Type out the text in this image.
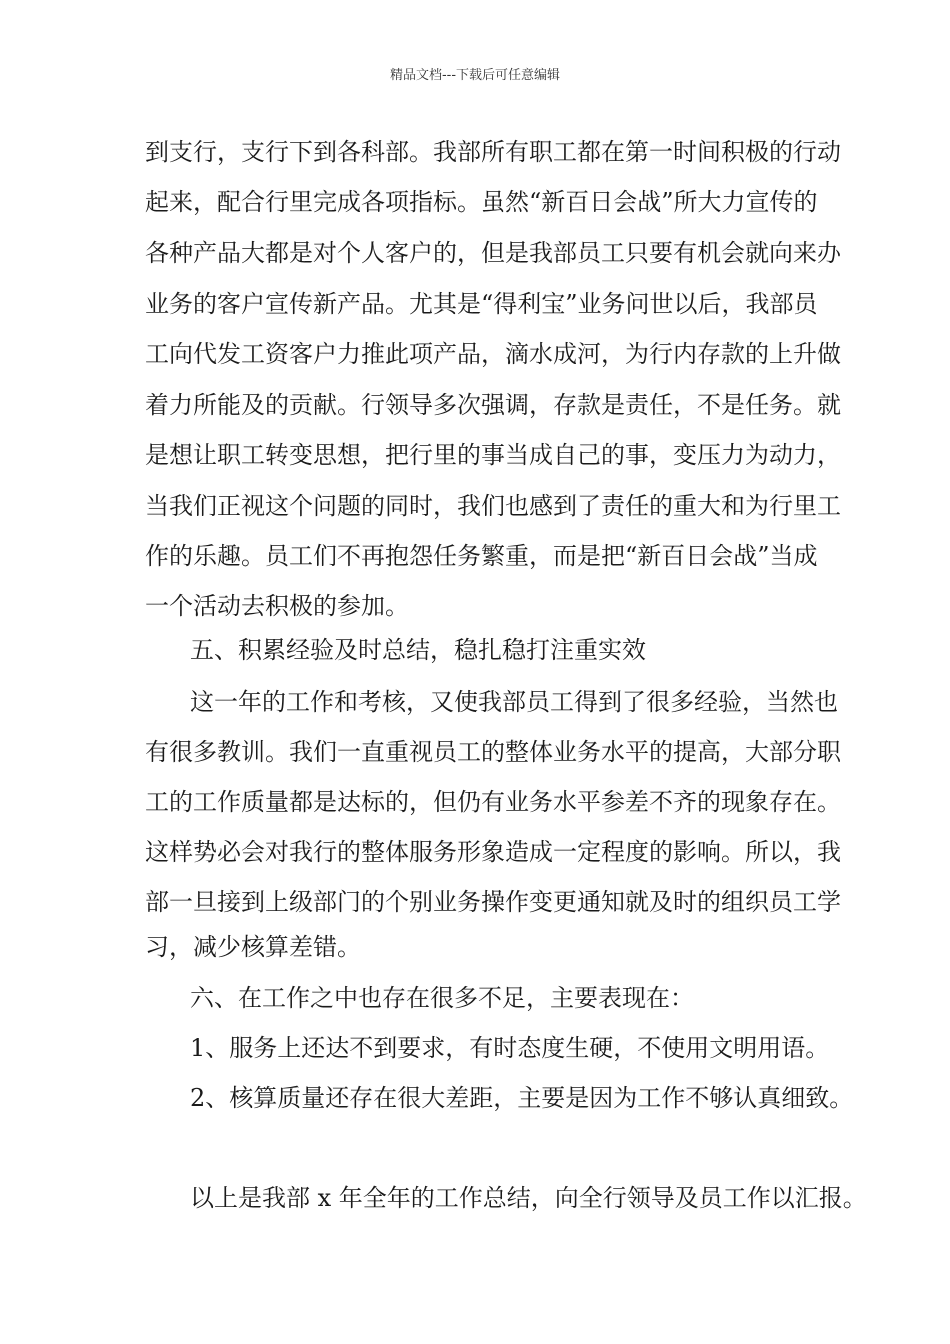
精品文档---下载后可任意编辑
到支行，支行下到各科部。我部所有职工都在第一时间积极的行动
起来，配合行里完成各项指标。虽然“新百日会战”所大力宣传的
各种产品大都是对个人客户的，但是我部员工只要有机会就向来办
业务的客户宣传新产品。尤其是“得利宝”业务问世以后，我部员
工向代发工资客户力推此项产品，滴水成河，为行内存款的上升做
着力所能及的贡献。行领导多次强调，存款是责任，不是任务。就
是想让职工转变思想，把行里的事当成自己的事，变压力为动力，
当我们正视这个问题的同时，我们也感到了责任的重大和为行里工
作的乐趣。员工们不再抱怨任务繁重，而是把“新百日会战”当成
一个活动去积极的参加。
五、积累经验及时总结，稳扎稳打注重实效
这一年的工作和考核，又使我部员工得到了很多经验，当然也
有很多教训。我们一直重视员工的整体业务水平的提高，大部分职
工的工作质量都是达标的，但仍有业务水平参差不齐的现象存在。
这样势必会对我行的整体服务形象造成一定程度的影响。所以，我
部一旦接到上级部门的个别业务操作变更通知就及时的组织员工学
习，减少核算差错。
六、在工作之中也存在很多不足，主要表现在：
1、服务上还达不到要求，有时态度生硬，不使用文明用语。
2、核算质量还存在很大差距，主要是因为工作不够认真细致。
以上是我部 x 年全年的工作总结，向全行领导及员工作以汇报。
